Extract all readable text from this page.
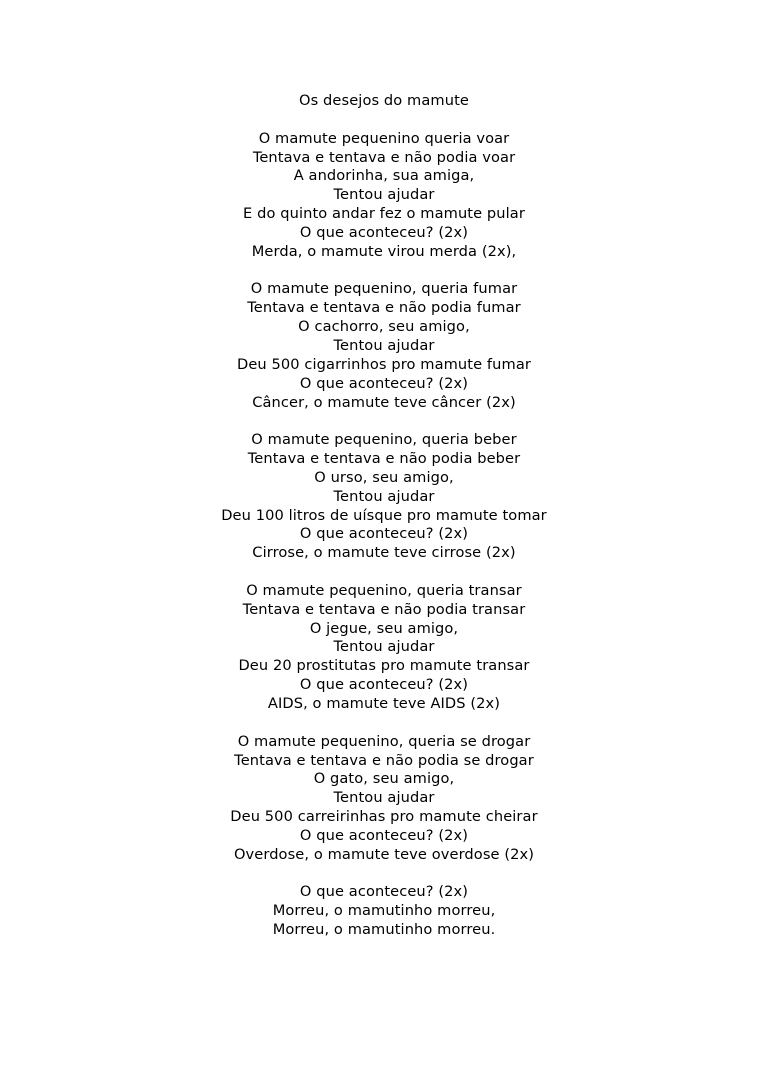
Os desejos do mamute
O mamute pequenino queria voar
Tentava e tentava e não podia voar
A andorinha, sua amiga,
Tentou ajudar
E do quinto andar fez o mamute pular
O que aconteceu? (2x)
Merda, o mamute virou merda (2x),
O mamute pequenino, queria fumar
Tentava e tentava e não podia fumar
O cachorro, seu amigo,
Tentou ajudar
Deu 500 cigarrinhos pro mamute fumar
O que aconteceu? (2x)
Câncer, o mamute teve câncer (2x)
O mamute pequenino, queria beber
Tentava e tentava e não podia beber
O urso, seu amigo,
Tentou ajudar
Deu 100 litros de uísque pro mamute tomar
O que aconteceu? (2x)
Cirrose, o mamute teve cirrose (2x)
O mamute pequenino, queria transar
Tentava e tentava e não podia transar
O jegue, seu amigo,
Tentou ajudar
Deu 20 prostitutas pro mamute transar
O que aconteceu? (2x)
AIDS, o mamute teve AIDS (2x)
O mamute pequenino, queria se drogar
Tentava e tentava e não podia se drogar
O gato, seu amigo,
Tentou ajudar
Deu 500 carreirinhas pro mamute cheirar
O que aconteceu? (2x)
Overdose, o mamute teve overdose (2x)
O que aconteceu? (2x)
Morreu, o mamutinho morreu,
Morreu, o mamutinho morreu.
